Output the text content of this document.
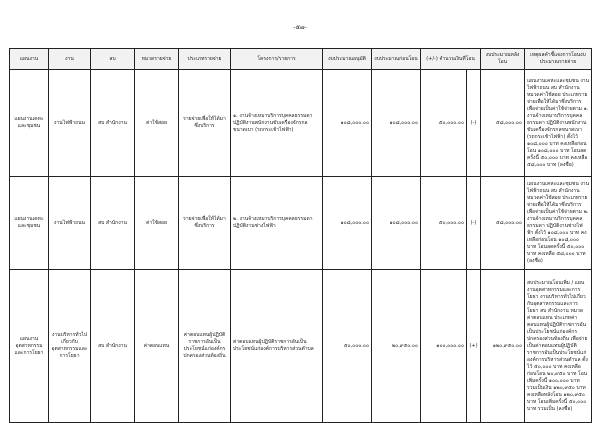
-๕๗-
แผนงาน	งาน	ลบ	หมวดรายจ่าย	ประเภทรายจ่าย	โครงการ/รายการ	งบประมาณอนุมัติ	งบประมาณก่อนโอน	(+/-) จำนวนเงินที่โอน		งบประมาณหลังโอน	เหตุผลคำชี้แจงการโอนงบประมาณรายจ่าย
แผนงานเคหะและชุมชน	งานไฟฟ้าถนน	สบ สำนักงาน	ค่าใช้สอย	รายจ่ายเพื่อให้ได้มาซึ่งบริการ	๑. งานจ้างเหมาบริการบุคคลธรรมดา ปฏิบัติงานพนักงานขับเครื่องจักรกลขนาดเบา (รถกระเช้าไฟฟ้า)	๑๐๘,๐๐๐.๐๐	๑๐๘,๐๐๐.๐๐	๕๐,๐๐๐.๐๐	(-)	๕๘,๐๐๐.๐๐	แผนงานเคหะและชุมชน งานไฟฟ้าถนน สบ สำนักงาน หมวดค่าใช้สอย ประเภทรายจ่ายเพื่อให้ได้มาซึ่งบริการ เพื่อจ่ายเป็นค่าใช้จ่ายตาม ๑. งานจ้างเหมาบริการบุคคลธรรมดา ปฏิบัติงานพนักงานขับเครื่องจักรกลขนาดเบา (รถกระเช้าไฟฟ้า) ตั้งไว้ ๑๐๘,๐๐๐ บาท คงเหลือก่อนโอน ๑๐๘,๐๐๐ บาท โอนลดครั้งนี้ ๕๐,๐๐๐ บาท คงเหลือ ๕๘,๐๐๐ บาท (ลงชื่อ)
แผนงานเคหะและชุมชน	งานไฟฟ้าถนน	สบ สำนักงาน	ค่าใช้สอย	รายจ่ายเพื่อให้ได้มาซึ่งบริการ	๒. งานจ้างเหมาบริการบุคคลธรรมดา ปฏิบัติงานช่างไฟฟ้า	๑๐๘,๐๐๐.๐๐	๑๐๘,๐๐๐.๐๐	๕๐,๐๐๐.๐๐	(-)	๕๘,๐๐๐.๐๐	แผนงานเคหะและชุมชน งานไฟฟ้าถนน สบ สำนักงาน หมวดค่าใช้สอย ประเภทรายจ่ายเพื่อให้ได้มาซึ่งบริการ เพื่อจ่ายเป็นค่าใช้จ่ายตาม ๒. งานจ้างเหมาบริการบุคคลธรรมดา ปฏิบัติงานช่างไฟฟ้า ตั้งไว้ ๑๐๘,๐๐๐ บาท คงเหลือก่อนโอน ๑๐๘,๐๐๐ บาท โอนลดครั้งนี้ ๕๐,๐๐๐ บาท คงเหลือ ๕๘,๐๐๐ บาท (ลงชื่อ)
แผนงานอุตสาหกรรมและการโยธา	งานบริหารทั่วไปเกี่ยวกับอุตสาหกรรมและการโยธา	สบ สำนักงาน	ค่าตอบแทน	ค่าตอบแทนผู้ปฏิบัติราชการอันเป็นประโยชน์แก่องค์กรปกครองส่วนท้องถิ่น	ค่าตอบแทนผู้ปฏิบัติราชการอันเป็นประโยชน์แก่องค์การบริหารส่วนตำบล	๕๐,๐๐๐.๐๐	๒๐,๙๕๐.๐๐	๑๐๐,๐๐๐.๐๐	(+)	๑๒๐,๙๕๐.๐๐	สบประมาณโอนเพิ่ม / แผนงานอุตสาหกรรมและการโยธา งานบริหารทั่วไปเกี่ยวกับอุตสาหกรรมและการโยธา สบ สำนักงาน หมวดค่าตอบแทน ประเภทค่าตอบแทนผู้ปฏิบัติราชการอันเป็นประโยชน์แก่องค์กรปกครองส่วนท้องถิ่น เพื่อจ่ายเป็นค่าตอบแทนผู้ปฏิบัติราชการอันเป็นประโยชน์แก่องค์การบริหารส่วนตำบล ตั้งไว้ ๕๐,๐๐๐ บาท คงเหลือก่อนโอน ๒๐,๙๕๐ บาท โอนเพิ่มครั้งนี้ ๑๐๐,๐๐๐ บาท รวมเป็นเงิน ๑๒๐,๙๕๐ บาท คงเหลือหลังโอน ๑๒๐,๙๕๐ บาท โอนเพิ่มครั้งนี้ ๕๐,๐๐๐ บาท รวมเป็น (ลงชื่อ)
